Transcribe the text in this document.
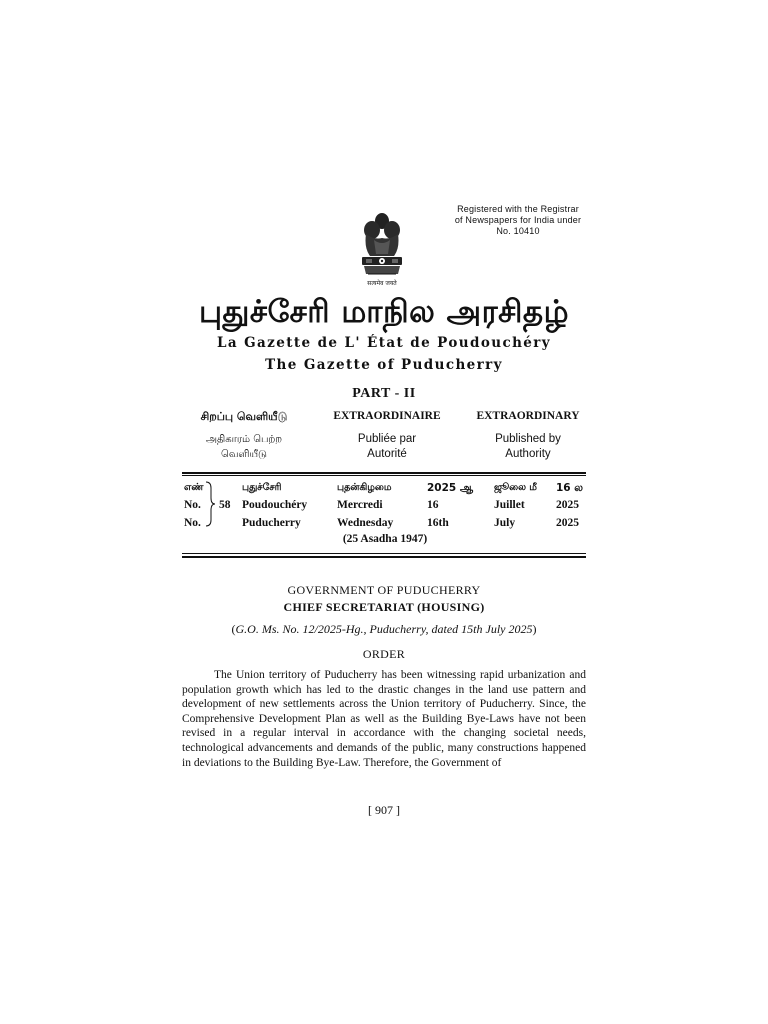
Registered with the Registrar
of Newspapers for India under
No. 10410
सत्यमेव जयते
புதுச்சேரி மாநில அரசிதழ்
La Gazette de L' État de Poudouchéry
The Gazette of Puducherry
PART - II
சிறப்பு வெளியீடு	EXTRAORDINAIRE	EXTRAORDINARY
அதிகாரம் பெற்ற
வெளியீடு
Publiée par
Autorité
Published by
Authority
எண்
No.
No.
58
புதுச்சேரி
Poudouchéry
Puducherry
புதன்கிழமை
Mercredi
Wednesday
2025 ஆ
16
16th
ஜூலை மீ
Juillet
July
16 ல
2025
2025
(25 Asadha 1947)
GOVERNMENT OF PUDUCHERRY
CHIEF SECRETARIAT (HOUSING)
(G.O. Ms. No. 12/2025-Hg., Puducherry, dated 15th July 2025)
ORDER

The Union territory of Puducherry has been witnessing rapid urbanization and population growth which has led to the drastic changes in the land use pattern and development of new settlements across the Union territory of Puducherry. Since, the Comprehensive Development Plan as well as the Building Bye-Laws have not been revised in a regular interval in accordance with the changing societal needs, technological advancements and demands of the public, many constructions happened in deviations to the Building Bye-Law. Therefore, the Government of

[ 907 ]
